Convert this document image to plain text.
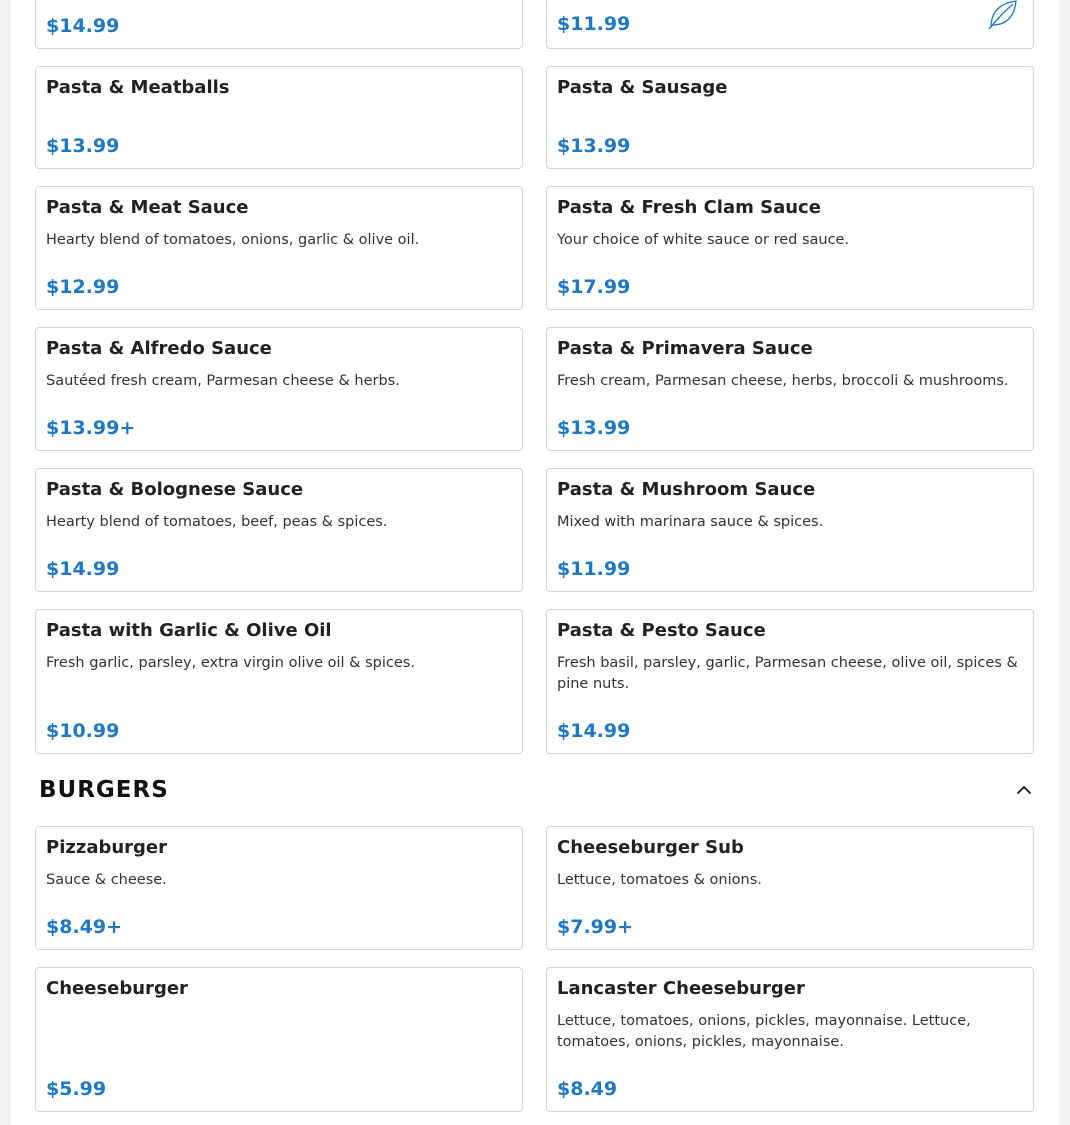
$14.99	$11.99
Pasta & Meatballs
$13.99
Pasta & Sausage
$13.99
Pasta & Meat Sauce
Hearty blend of tomatoes, onions, garlic & olive oil.
$12.99
Pasta & Fresh Clam Sauce
Your choice of white sauce or red sauce.
$17.99
Pasta & Alfredo Sauce
Sautéed fresh cream, Parmesan cheese & herbs.
$13.99+
Pasta & Primavera Sauce
Fresh cream, Parmesan cheese, herbs, broccoli & mushrooms.
$13.99
Pasta & Bolognese Sauce
Hearty blend of tomatoes, beef, peas & spices.
$14.99
Pasta & Mushroom Sauce
Mixed with marinara sauce & spices.
$11.99
Pasta with Garlic & Olive Oil
Fresh garlic, parsley, extra virgin olive oil & spices.
$10.99
Pasta & Pesto Sauce
Fresh basil, parsley, garlic, Parmesan cheese, olive oil, spices & pine nuts.
$14.99
BURGERS
Pizzaburger
Sauce & cheese.
$8.49+
Cheeseburger Sub
Lettuce, tomatoes & onions.
$7.99+
Cheeseburger
$5.99
Lancaster Cheeseburger
Lettuce, tomatoes, onions, pickles, mayonnaise. Lettuce, tomatoes, onions, pickles, mayonnaise.
$8.49
